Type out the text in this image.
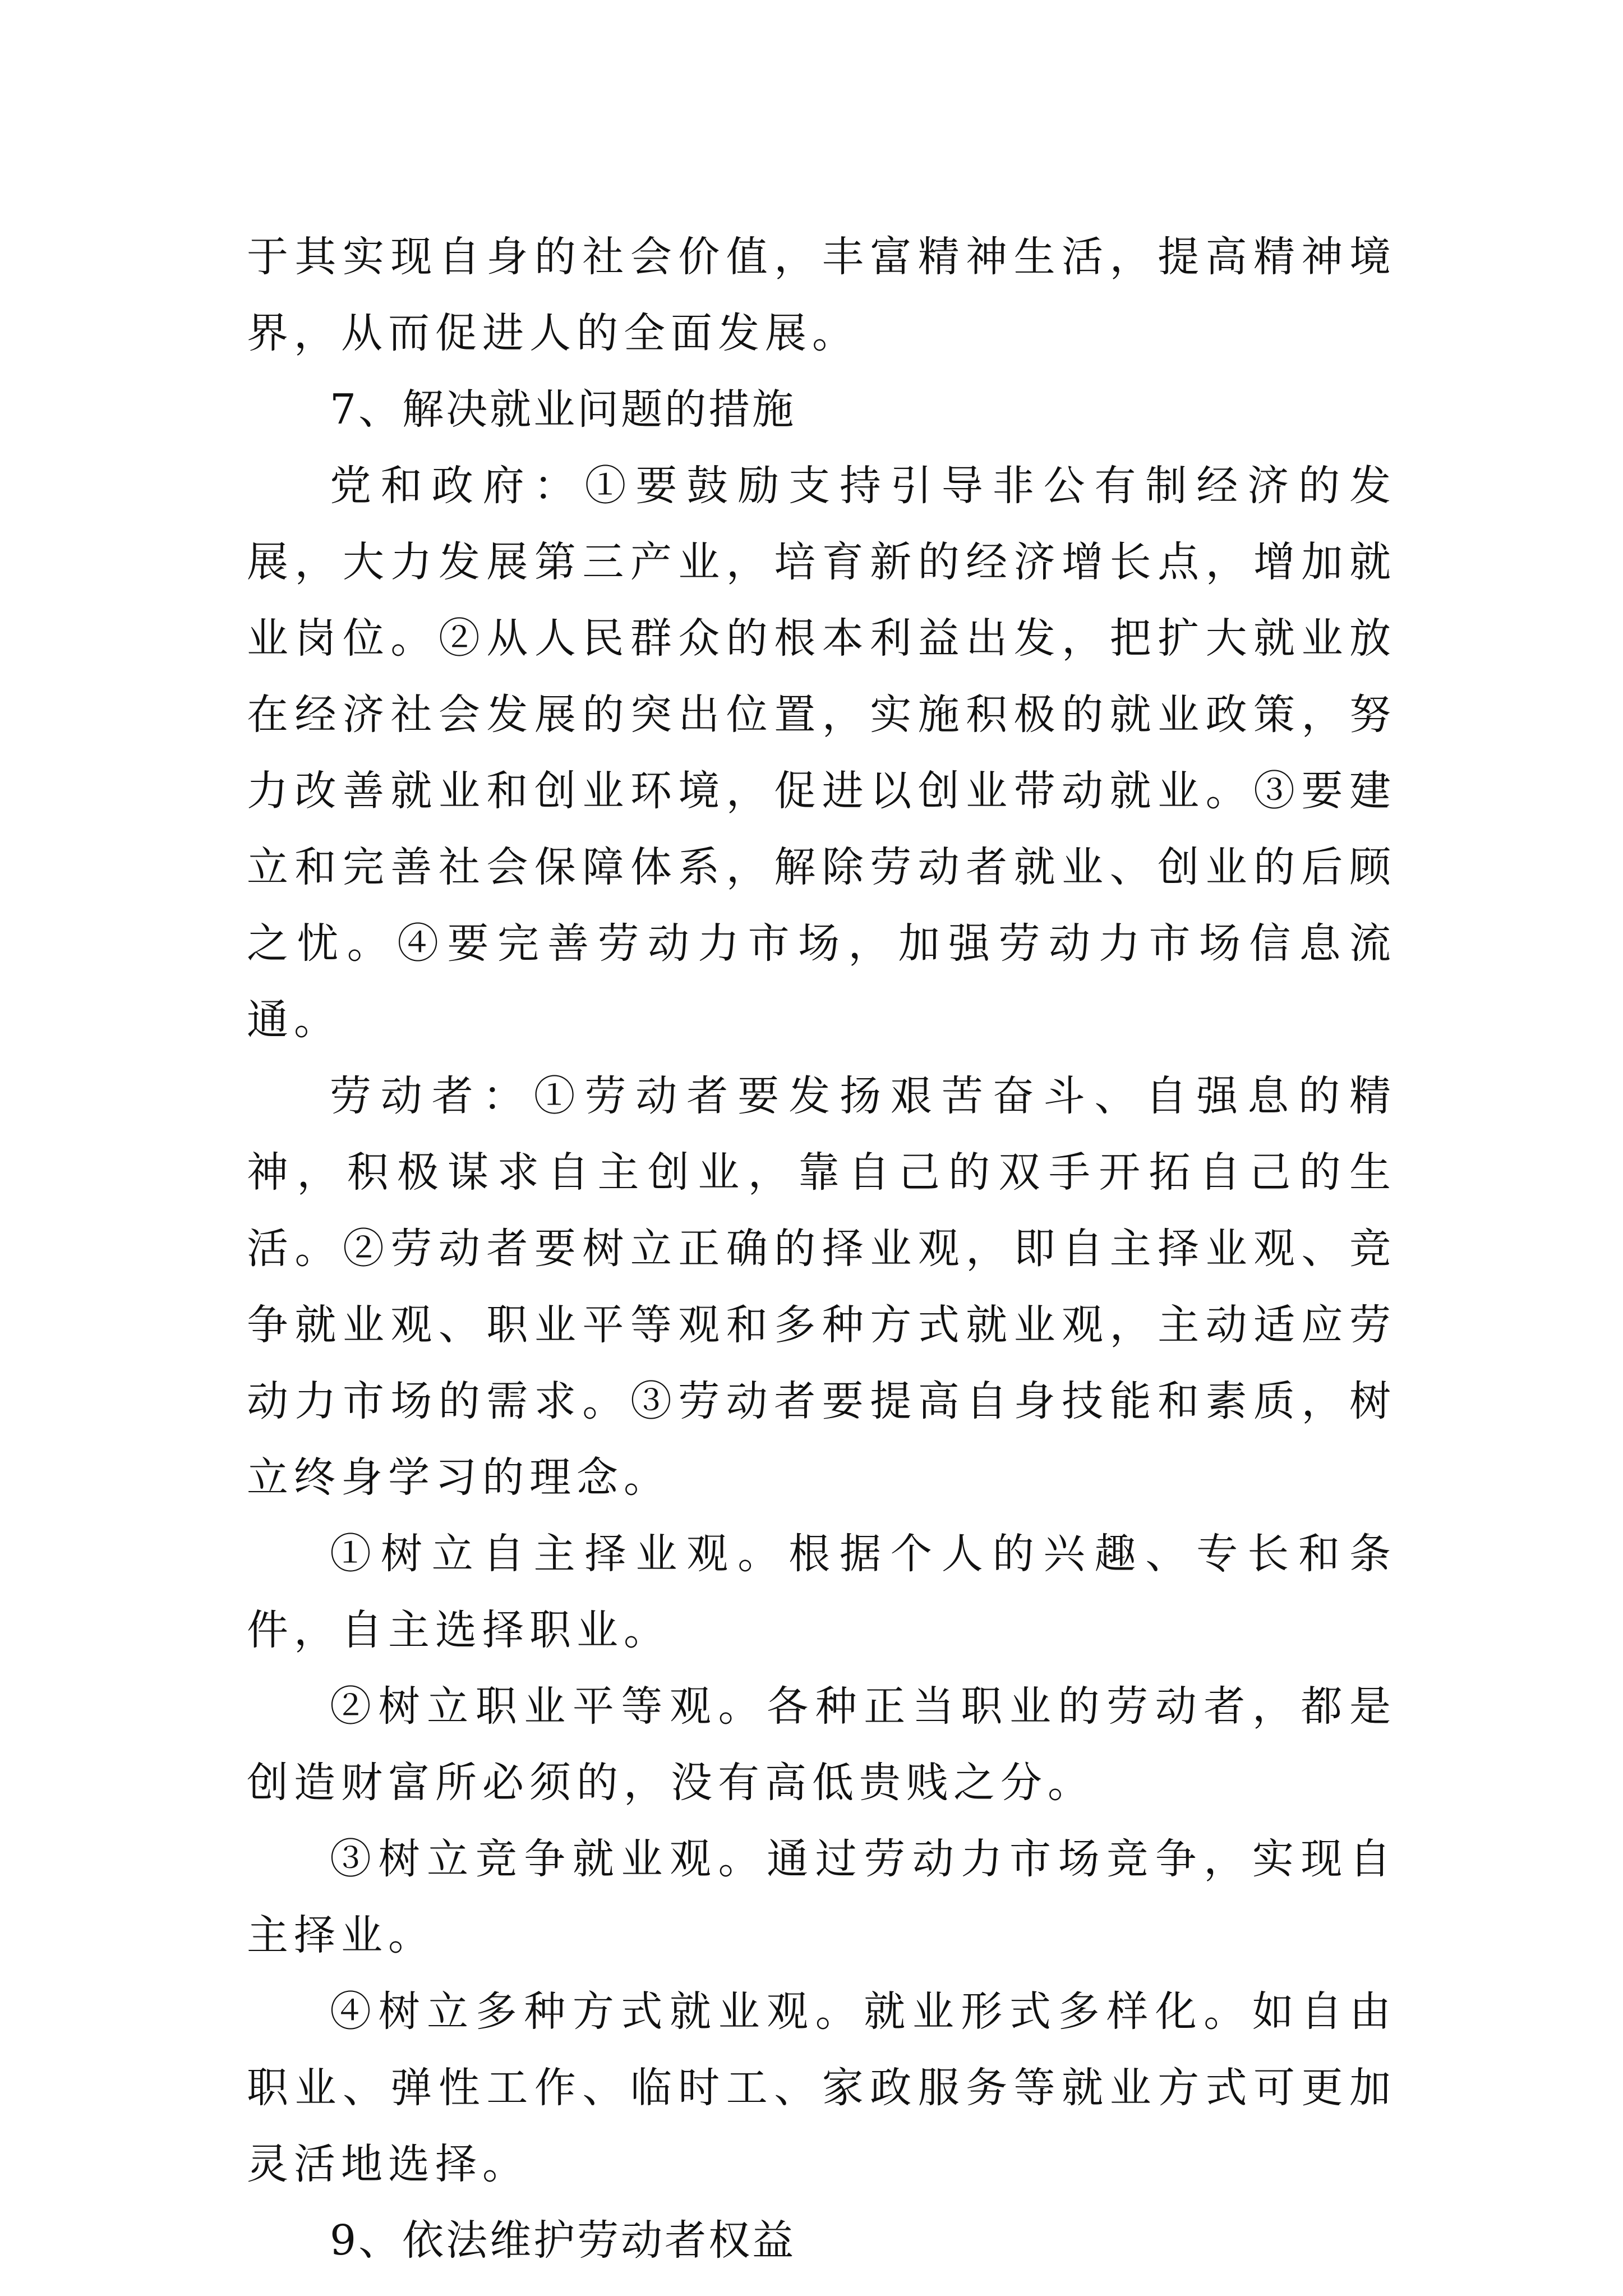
于其实现自身的社会价值，丰富精神生活，提高精神境界，从而促进人的全面发展。

7、解决就业问题的措施

党和政府：①要鼓励支持引导非公有制经济的发展，大力发展第三产业，培育新的经济增长点，增加就业岗位。②从人民群众的根本利益出发，把扩大就业放在经济社会发展的突出位置，实施积极的就业政策，努力改善就业和创业环境，促进以创业带动就业。③要建立和完善社会保障体系，解除劳动者就业、创业的后顾之忧。④要完善劳动力市场，加强劳动力市场信息流通。

劳动者：①劳动者要发扬艰苦奋斗、自强息的精神，积极谋求自主创业，靠自己的双手开拓自己的生活。②劳动者要树立正确的择业观，即自主择业观、竞争就业观、职业平等观和多种方式就业观，主动适应劳动力市场的需求。③劳动者要提高自身技能和素质，树立终身学习的理念。

①树立自主择业观。根据个人的兴趣、专长和条件，自主选择职业。

②树立职业平等观。各种正当职业的劳动者，都是创造财富所必须的，没有高低贵贱之分。

③树立竞争就业观。通过劳动力市场竞争，实现自主择业。

④树立多种方式就业观。就业形式多样化。如自由职业、弹性工作、临时工、家政服务等就业方式可更加灵活地选择。

9、依法维护劳动者权益
